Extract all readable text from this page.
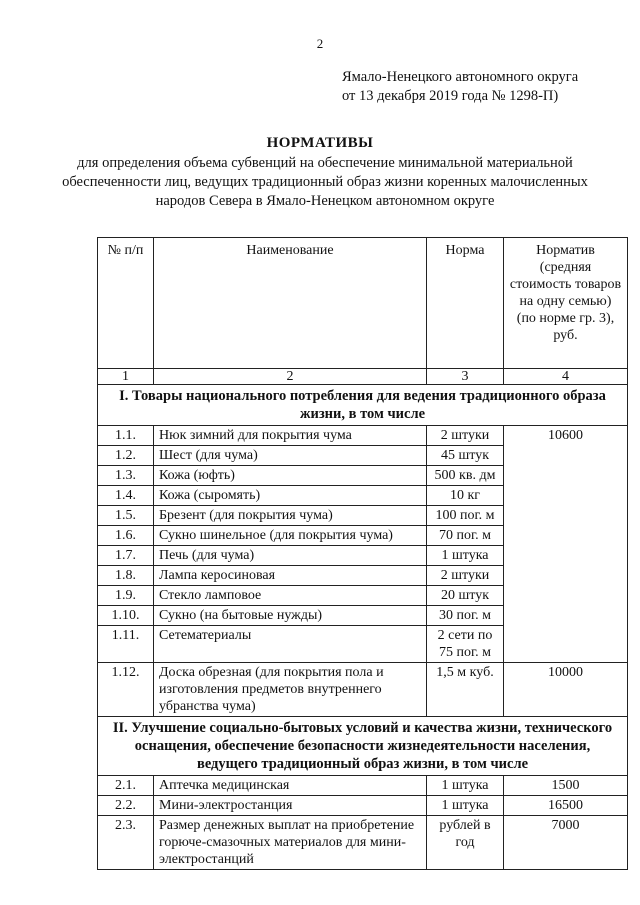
2
Ямало-Ненецкого автономного округа
от 13 декабря 2019 года № 1298-П)
НОРМАТИВЫ
для определения объема субвенций на обеспечение минимальной материальной обеспеченности лиц, ведущих традиционный образ жизни коренных малочисленных народов Севера в Ямало-Ненецком автономном округе
№ п/п	Наименование	Норма	Норматив (средняя стоимость товаров на одну семью) (по норме гр. 3), руб.
1	2	3	4
I. Товары национального потребления для ведения традиционного образа жизни, в том числе			
1.1.	Нюк зимний для покрытия чума	2 штуки	10600
1.2.	Шест (для чума)	45 штук	
1.3.	Кожа (юфть)	500 кв. дм	
1.4.	Кожа (сыромять)	10 кг	
1.5.	Брезент (для покрытия чума)	100 пог. м	
1.6.	Сукно шинельное (для покрытия чума)	70 пог. м	
1.7.	Печь (для чума)	1 штука	
1.8.	Лампа керосиновая	2 штуки	
1.9.	Стекло ламповое	20 штук	
1.10.	Сукно (на бытовые нужды)	30 пог. м	
1.11.	Сетематериалы	2 сети по 75 пог. м	
1.12.	Доска обрезная (для покрытия пола и изготовления предметов внутреннего убранства чума)	1,5 м куб.	10000
II. Улучшение социально-бытовых условий и качества жизни, технического оснащения, обеспечение безопасности жизнедеятельности населения, ведущего традиционный образ жизни, в том числе			
2.1.	Аптечка медицинская	1 штука	1500
2.2.	Мини-электростанция	1 штука	16500
2.3.	Размер денежных выплат на приобретение горюче-смазочных материалов для мини-электростанций	рублей в год	7000
